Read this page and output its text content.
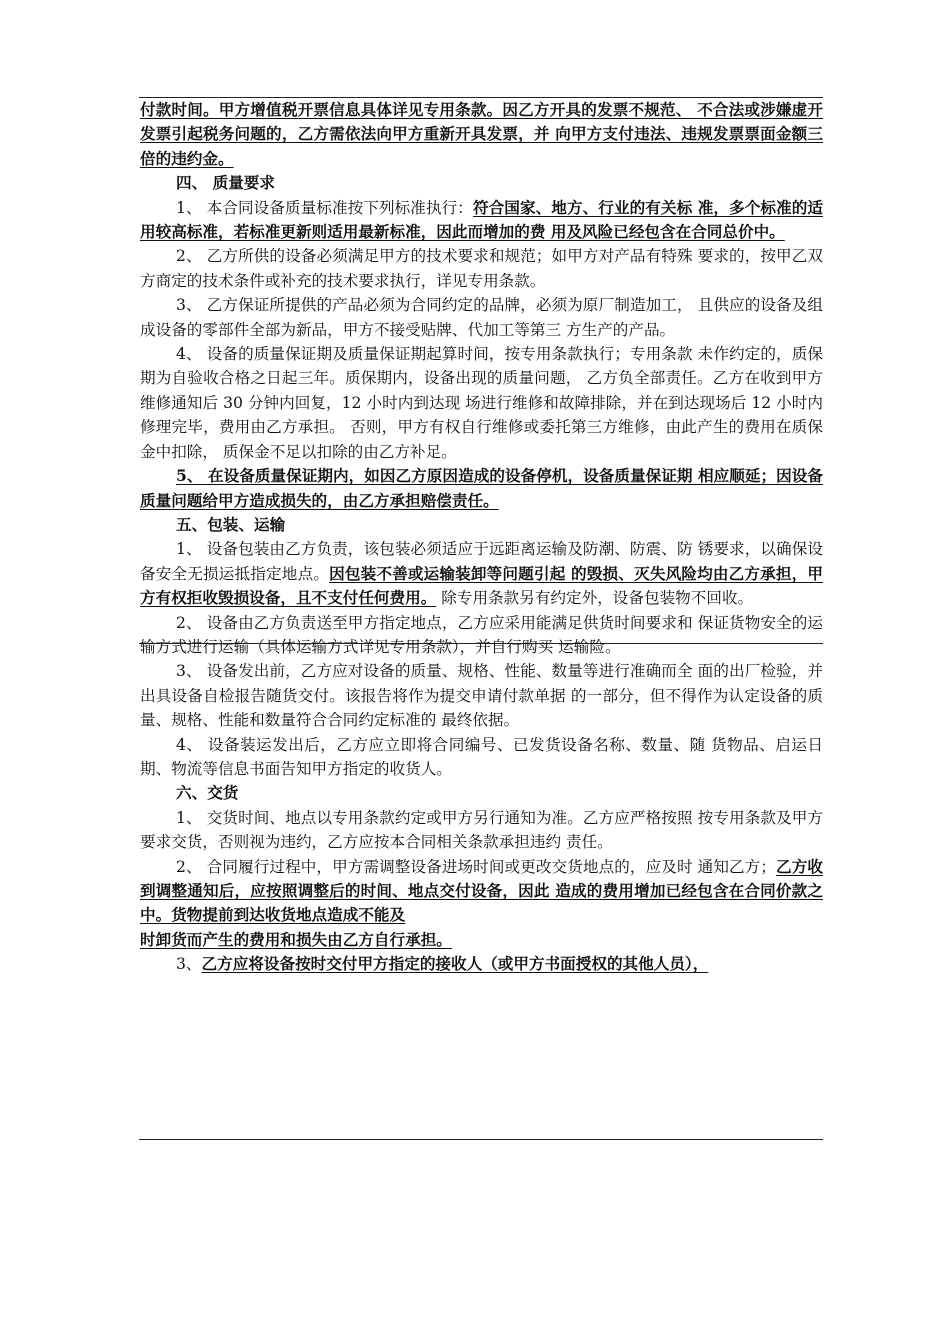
付款时间。甲方增值税开票信息具体详见专用条款。因乙方开具的发票不规范、 不合法或涉嫌虚开发票引起税务问题的，乙方需依法向甲方重新开具发票，并 向甲方支付违法、违规发票票面金额三倍的违约金。

四、 质量要求

1、 本合同设备质量标准按下列标准执行：符合国家、地方、行业的有关标 准，多个标准的适用较高标准，若标准更新则适用最新标准，因此而增加的费 用及风险已经包含在合同总价中。

2、 乙方所供的设备必须满足甲方的技术要求和规范；如甲方对产品有特殊 要求的，按甲乙双方商定的技术条件或补充的技术要求执行，详见专用条款。

3、 乙方保证所提供的产品必须为合同约定的品牌，必须为原厂制造加工， 且供应的设备及组成设备的零部件全部为新品，甲方不接受贴牌、代加工等第三 方生产的产品。

4、 设备的质量保证期及质量保证期起算时间，按专用条款执行；专用条款 未作约定的，质保期为自验收合格之日起三年。质保期内，设备出现的质量问题， 乙方负全部责任。乙方在收到甲方维修通知后 30 分钟内回复，12 小时内到达现 场进行维修和故障排除，并在到达现场后 12 小时内修理完毕，费用由乙方承担。 否则，甲方有权自行维修或委托第三方维修，由此产生的费用在质保金中扣除， 质保金不足以扣除的由乙方补足。

5、 在设备质量保证期内，如因乙方原因造成的设备停机，设备质量保证期 相应顺延；因设备质量问题给甲方造成损失的，由乙方承担赔偿责任。

五、包装、运输

1、 设备包装由乙方负责，该包装必须适应于远距离运输及防潮、防震、防 锈要求，以确保设备安全无损运抵指定地点。因包装不善或运输装卸等问题引起 的毁损、灭失风险均由乙方承担，甲方有权拒收毁损设备，且不支付任何费用。 除专用条款另有约定外，设备包装物不回收。

2、 设备由乙方负责送至甲方指定地点，乙方应采用能满足供货时间要求和 保证货物安全的运输方式进行运输（具体运输方式详见专用条款），并自行购买 运输险。

3、 设备发出前，乙方应对设备的质量、规格、性能、数量等进行准确而全 面的出厂检验，并出具设备自检报告随货交付。该报告将作为提交申请付款单据 的一部分，但不得作为认定设备的质量、规格、性能和数量符合合同约定标准的 最终依据。

4、 设备装运发出后，乙方应立即将合同编号、已发货设备名称、数量、随 货物品、启运日期、物流等信息书面告知甲方指定的收货人。

六、交货

1、 交货时间、地点以专用条款约定或甲方另行通知为准。乙方应严格按照 按专用条款及甲方要求交货，否则视为违约，乙方应按本合同相关条款承担违约 责任。

2、 合同履行过程中，甲方需调整设备进场时间或更改交货地点的，应及时 通知乙方；乙方收到调整通知后，应按照调整后的时间、地点交付设备，因此 造成的费用增加已经包含在合同价款之中。货物提前到达收货地点造成不能及

时卸货而产生的费用和损失由乙方自行承担。

3、乙方应将设备按时交付甲方指定的接收人（或甲方书面授权的其他人员），
